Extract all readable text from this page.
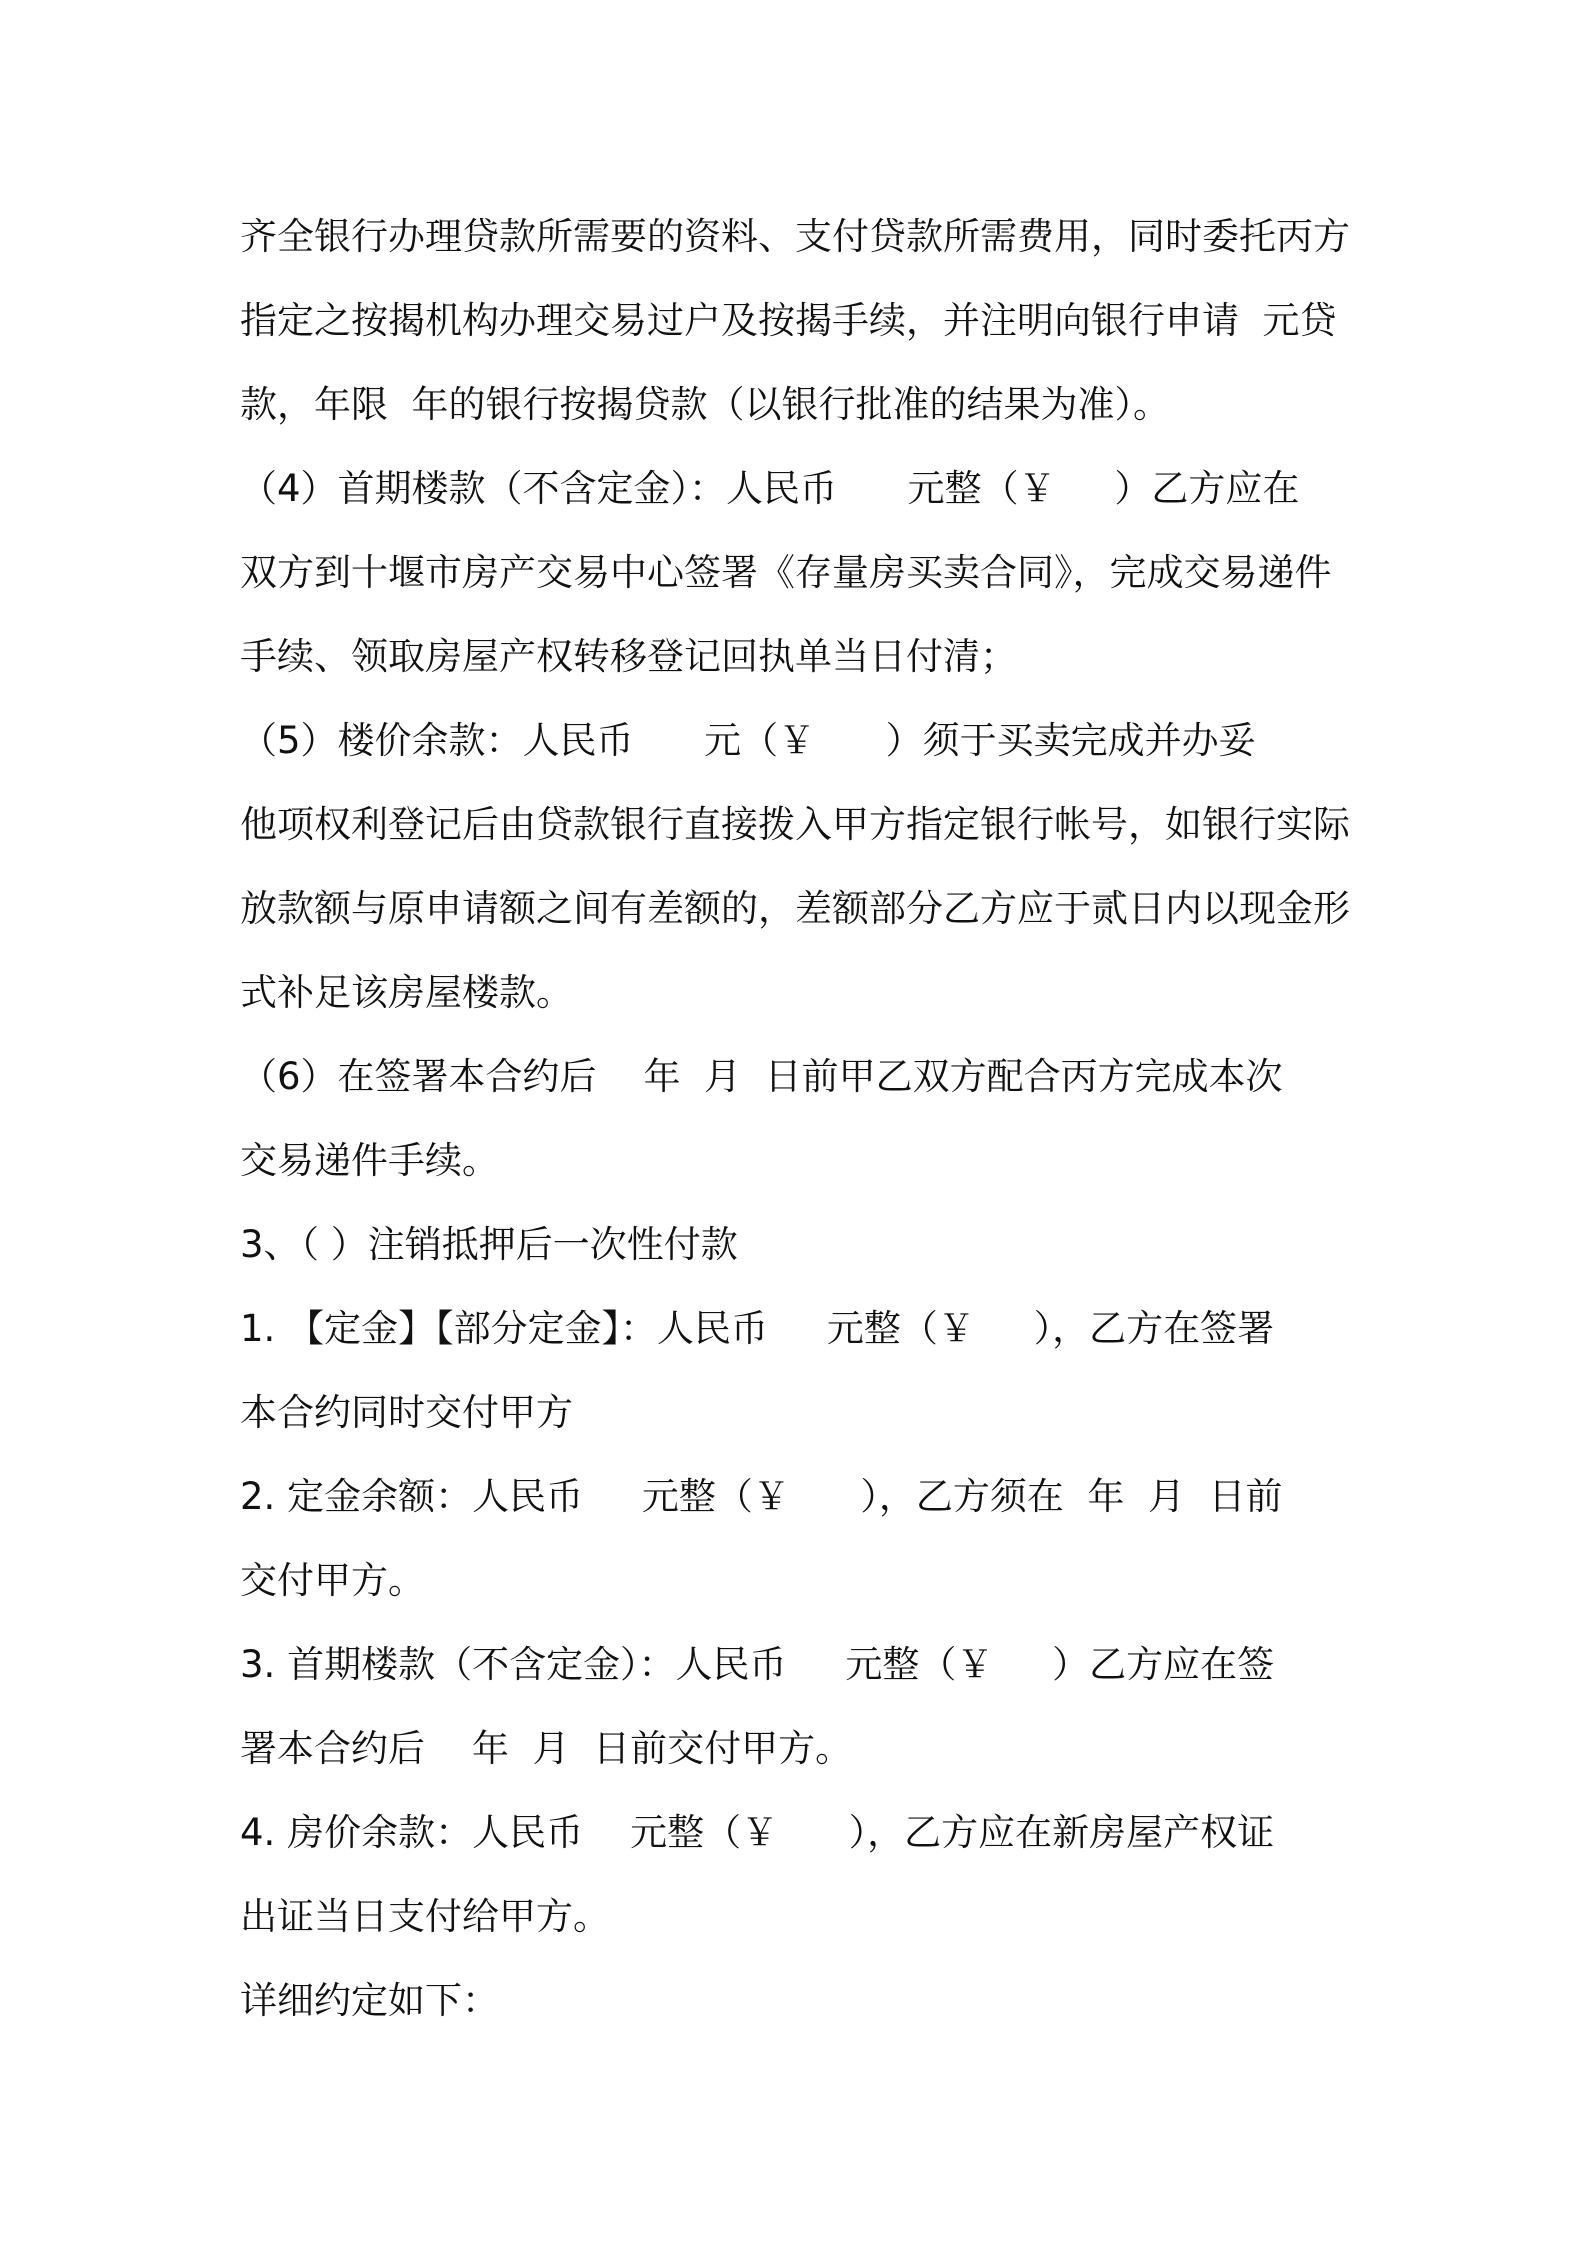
齐全银行办理贷款所需要的资料、支付贷款所需费用，同时委托丙方
指定之按揭机构办理交易过户及按揭手续，并注明向银行申请  元贷
款，年限  年的银行按揭贷款（以银行批准的结果为准）。
（4）首期楼款（不含定金）：人民币      元整（￥     ）乙方应在
双方到十堰市房产交易中心签署《存量房买卖合同》，完成交易递件
手续、领取房屋产权转移登记回执单当日付清；
（5）楼价余款：人民币      元（￥      ）须于买卖完成并办妥
他项权利登记后由贷款银行直接拨入甲方指定银行帐号，如银行实际
放款额与原申请额之间有差额的，差额部分乙方应于贰日内以现金形
式补足该房屋楼款。
（6）在签署本合约后    年  月  日前甲乙双方配合丙方完成本次
交易递件手续。
3、（ ）注销抵押后一次性付款
1. 【定金】【部分定金】：人民币     元整（￥     ），乙方在签署
本合约同时交付甲方
2. 定金余额：人民币     元整（￥      ），乙方须在  年  月  日前
交付甲方。
3. 首期楼款（不含定金）：人民币     元整（￥     ）乙方应在签
署本合约后    年  月  日前交付甲方。
4. 房价余款：人民币    元整（￥      ），乙方应在新房屋产权证
出证当日支付给甲方。
详细约定如下：
